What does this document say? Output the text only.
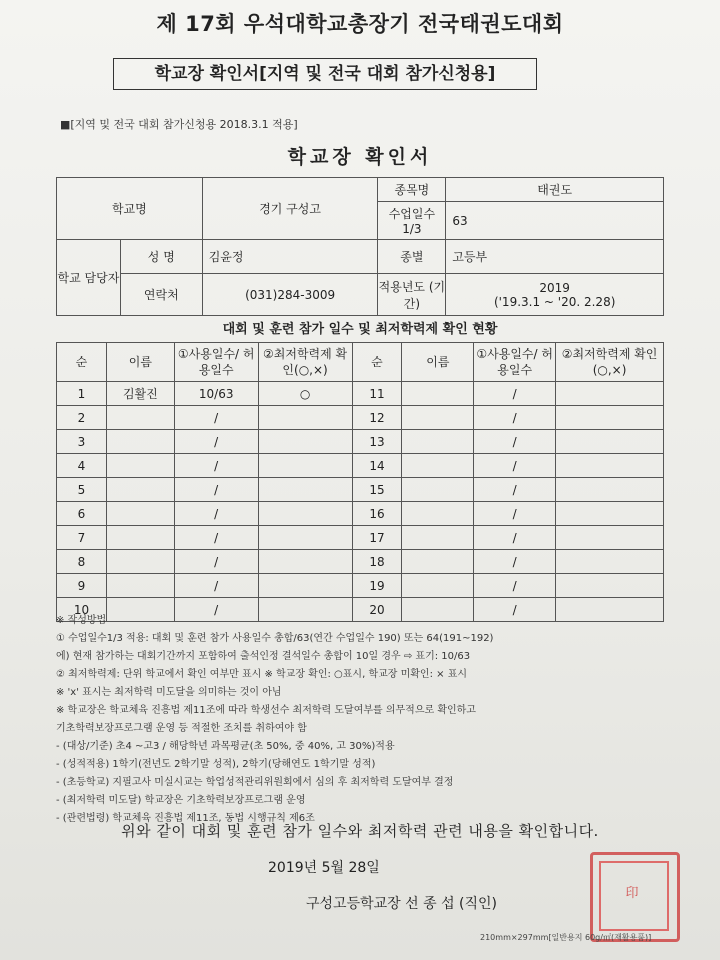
제 17회 우석대학교총장기 전국태권도대회
학교장 확인서[지역 및 전국 대회 참가신청용]
■[지역 및 전국 대회 참가신청용 2018.3.1 적용]
학교장 확인서
학교명		경기 구성고	종목명	태권도
			수업일수 1/3	63
학교 담당자	성 명	김윤정	종별	고등부
	연락처	(031)284-3009	적용년도 (기간)	2019
('19.3.1 ~ '20. 2.28)
대회 및 훈련 참가 일수 및 최저학력제 확인 현황
순	이름	①사용일수/ 허용일수	②최저학력제 확인(○,×)	순	이름	①사용일수/ 허용일수	②최저학력제 확인(○,×)
1	김활진	10/63	○	11		/	
2		/		12		/	
3		/		13		/	
4		/		14		/	
5		/		15		/	
6		/		16		/	
7		/		17		/	
8		/		18		/	
9		/		19		/	
10		/		20		/	
※ 작성방법
① 수업일수1/3 적용: 대회 및 훈련 참가 사용일수 총합/63(연간 수업일수 190) 또는 64(191~192)
에) 현재 참가하는 대회기간까지 포함하여 출석인정 결석일수 총합이 10일 경우 ⇨ 표기: 10/63
② 최저학력제: 단위 학교에서 확인 여부만 표시 ※ 학교장 확인: ○표시, 학교장 미확인: × 표시
※ 'x' 표시는 최저학력 미도달을 의미하는 것이 아님
※ 학교장은 학교체육 진흥법 제11조에 따라 학생선수 최저학력 도달여부를 의무적으로 확인하고
기초학력보장프로그램 운영 등 적절한 조치를 취하여야 함
- (대상/기준) 초4 ~고3 / 해당학년 과목평균(초 50%, 중 40%, 고 30%)적용
- (성적적용) 1학기(전년도 2학기말 성적), 2학기(당해연도 1학기말 성적)
- (초등학교) 지필고사 미실시교는 학업성적관리위원회에서 심의 후 최저학력 도달여부 결정
- (최저학력 미도달) 학교장은 기초학력보장프로그램 운영
- (관련법령) 학교체육 진흥법 제11조, 동법 시행규칙 제6조
위와 같이 대회 및 훈련 참가 일수와 최저학력 관련 내용을 확인합니다.
2019년 5월 28일
구성고등학교장 선 종 섭 (직인)
印
210mm×297mm[일반용지 60g/㎡(재활용품)]
